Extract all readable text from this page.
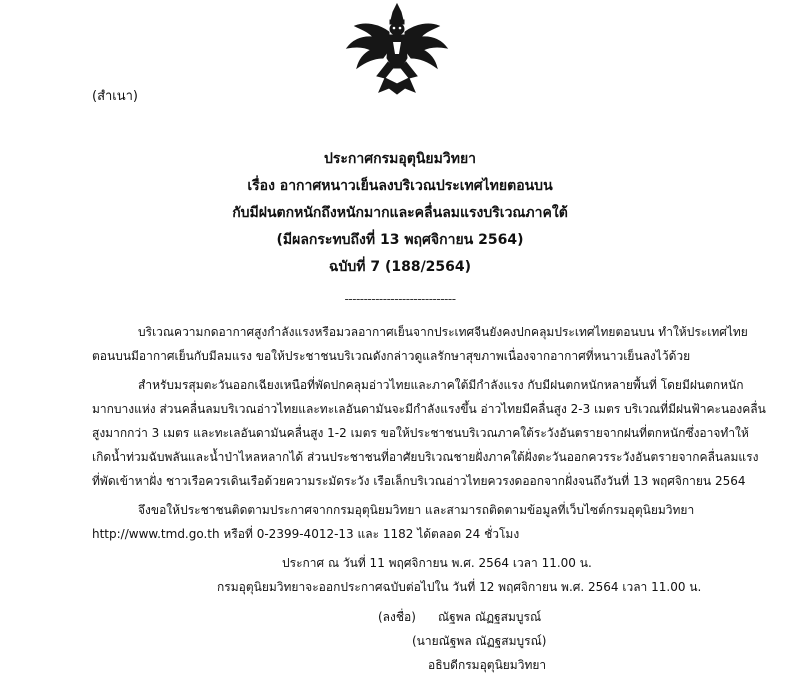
(สำเนา)
ประกาศกรมอุตุนิยมวิทยา
เรื่อง อากาศหนาวเย็นลงบริเวณประเทศไทยตอนบน
กับมีฝนตกหนักถึงหนักมากและคลื่นลมแรงบริเวณภาคใต้
(มีผลกระทบถึงที่ 13 พฤศจิกายน 2564)
ฉบับที่ 7 (188/2564)
-----------------------------
บริเวณความกดอากาศสูงกำลังแรงหรือมวลอากาศเย็นจากประเทศจีนยังคงปกคลุมประเทศไทยตอนบน ทำให้ประเทศไทย
ตอนบนมีอากาศเย็นกับมีลมแรง ขอให้ประชาชนบริเวณดังกล่าวดูแลรักษาสุขภาพเนื่องจากอากาศที่หนาวเย็นลงไว้ด้วย
สำหรับมรสุมตะวันออกเฉียงเหนือที่พัดปกคลุมอ่าวไทยและภาคใต้มีกำลังแรง กับมีฝนตกหนักหลายพื้นที่ โดยมีฝนตกหนัก
มากบางแห่ง ส่วนคลื่นลมบริเวณอ่าวไทยและทะเลอันดามันจะมีกำลังแรงขึ้น อ่าวไทยมีคลื่นสูง 2-3 เมตร บริเวณที่มีฝนฟ้าคะนองคลื่น
สูงมากกว่า 3 เมตร และทะเลอันดามันคลื่นสูง 1-2 เมตร ขอให้ประชาชนบริเวณภาคใต้ระวังอันตรายจากฝนที่ตกหนักซึ่งอาจทำให้
เกิดน้ำท่วมฉับพลันและน้ำป่าไหลหลากได้ ส่วนประชาชนที่อาศัยบริเวณชายฝั่งภาคใต้ฝั่งตะวันออกควรระวังอันตรายจากคลื่นลมแรง
ที่พัดเข้าหาฝั่ง ชาวเรือควรเดินเรือด้วยความระมัดระวัง เรือเล็กบริเวณอ่าวไทยควรงดออกจากฝั่งจนถึงวันที่ 13 พฤศจิกายน 2564
จึงขอให้ประชาชนติดตามประกาศจากกรมอุตุนิยมวิทยา และสามารถติดตามข้อมูลที่เว็บไซต์กรมอุตุนิยมวิทยา
http://www.tmd.go.th หรือที่ 0-2399-4012-13 และ 1182 ได้ตลอด 24 ชั่วโมง
ประกาศ ณ วันที่ 11 พฤศจิกายน พ.ศ. 2564 เวลา 11.00 น.
กรมอุตุนิยมวิทยาจะออกประกาศฉบับต่อไปใน วันที่ 12 พฤศจิกายน พ.ศ. 2564 เวลา 11.00 น.
(ลงชื่อ) ณัฐพล ณัฏฐสมบูรณ์
(นายณัฐพล ณัฏฐสมบูรณ์)
อธิบดีกรมอุตุนิยมวิทยา
